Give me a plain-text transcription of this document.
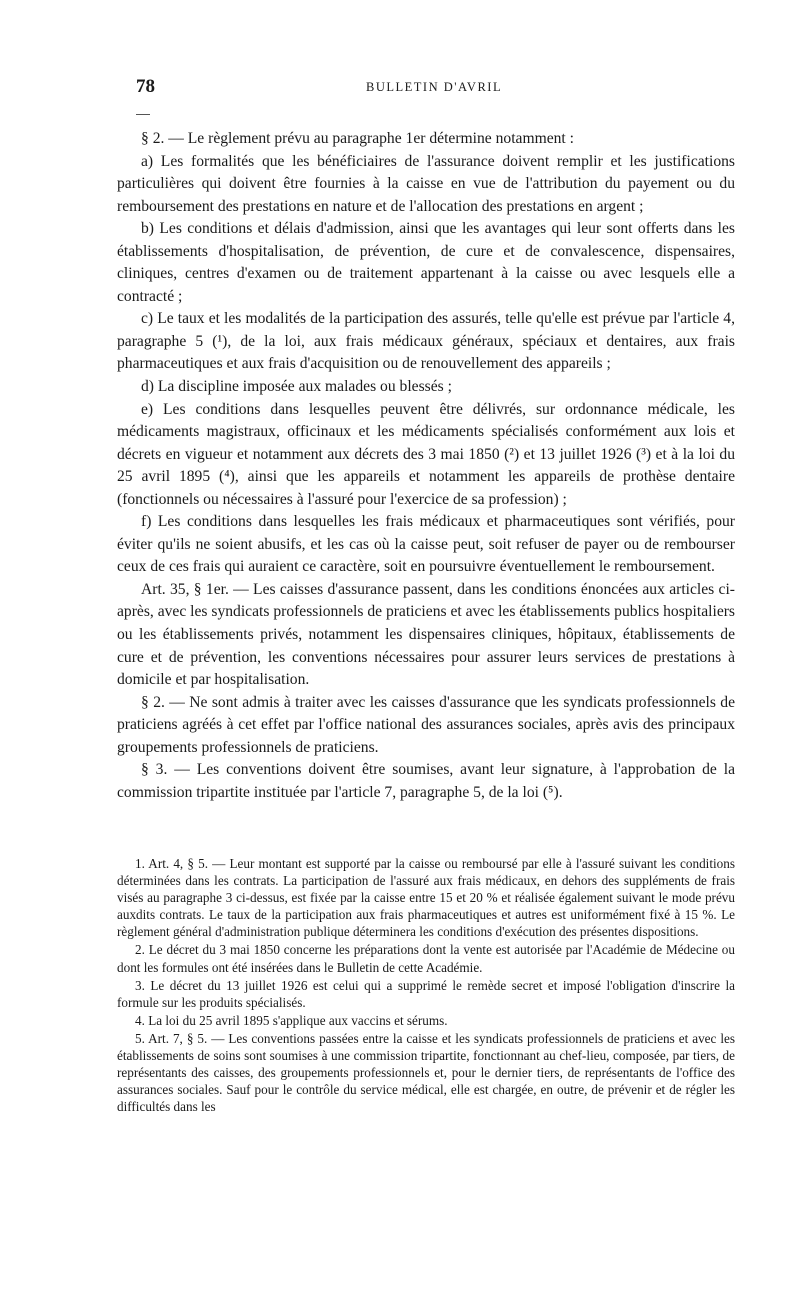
78	BULLETIN D'AVRIL

§ 2. — Le règlement prévu au paragraphe 1er détermine notamment :

a) Les formalités que les bénéficiaires de l'assurance doivent remplir et les justifications particulières qui doivent être fournies à la caisse en vue de l'attribution du payement ou du remboursement des prestations en nature et de l'allocation des prestations en argent ;

b) Les conditions et délais d'admission, ainsi que les avantages qui leur sont offerts dans les établissements d'hospitalisation, de prévention, de cure et de convalescence, dispensaires, cliniques, centres d'examen ou de traitement appartenant à la caisse ou avec lesquels elle a contracté ;

c) Le taux et les modalités de la participation des assurés, telle qu'elle est prévue par l'article 4, paragraphe 5 (¹), de la loi, aux frais médicaux généraux, spéciaux et dentaires, aux frais pharmaceutiques et aux frais d'acquisition ou de renouvellement des appareils ;

d) La discipline imposée aux malades ou blessés ;

e) Les conditions dans lesquelles peuvent être délivrés, sur ordonnance médicale, les médicaments magistraux, officinaux et les médicaments spécialisés conformément aux lois et décrets en vigueur et notamment aux décrets des 3 mai 1850 (²) et 13 juillet 1926 (³) et à la loi du 25 avril 1895 (⁴), ainsi que les appareils et notamment les appareils de prothèse dentaire (fonctionnels ou nécessaires à l'assuré pour l'exercice de sa profession) ;

f) Les conditions dans lesquelles les frais médicaux et pharmaceutiques sont vérifiés, pour éviter qu'ils ne soient abusifs, et les cas où la caisse peut, soit refuser de payer ou de rembourser ceux de ces frais qui auraient ce caractère, soit en poursuivre éventuellement le remboursement.

Art. 35, § 1er. — Les caisses d'assurance passent, dans les conditions énoncées aux articles ci-après, avec les syndicats professionnels de praticiens et avec les établissements publics hospitaliers ou les établissements privés, notamment les dispensaires cliniques, hôpitaux, établissements de cure et de prévention, les conventions nécessaires pour assurer leurs services de prestations à domicile et par hospitalisation.

§ 2. — Ne sont admis à traiter avec les caisses d'assurance que les syndicats professionnels de praticiens agréés à cet effet par l'office national des assurances sociales, après avis des principaux groupements professionnels de praticiens.

§ 3. — Les conventions doivent être soumises, avant leur signature, à l'approbation de la commission tripartite instituée par l'article 7, paragraphe 5, de la loi (⁵).

1. Art. 4, § 5. — Leur montant est supporté par la caisse ou remboursé par elle à l'assuré suivant les conditions déterminées dans les contrats. La participation de l'assuré aux frais médicaux, en dehors des suppléments de frais visés au paragraphe 3 ci-dessus, est fixée par la caisse entre 15 et 20 % et réalisée également suivant le mode prévu auxdits contrats. Le taux de la participation aux frais pharmaceutiques et autres est uniformément fixé à 15 %. Le règlement général d'administration publique déterminera les conditions d'exécution des présentes dispositions.

2. Le décret du 3 mai 1850 concerne les préparations dont la vente est autorisée par l'Académie de Médecine ou dont les formules ont été insérées dans le Bulletin de cette Académie.

3. Le décret du 13 juillet 1926 est celui qui a supprimé le remède secret et imposé l'obligation d'inscrire la formule sur les produits spécialisés.

4. La loi du 25 avril 1895 s'applique aux vaccins et sérums.

5. Art. 7, § 5. — Les conventions passées entre la caisse et les syndicats professionnels de praticiens et avec les établissements de soins sont soumises à une commission tripartite, fonctionnant au chef-lieu, composée, par tiers, de représentants des caisses, des groupements professionnels et, pour le dernier tiers, de représentants de l'office des assurances sociales. Sauf pour le contrôle du service médical, elle est chargée, en outre, de prévenir et de régler les difficultés dans les
